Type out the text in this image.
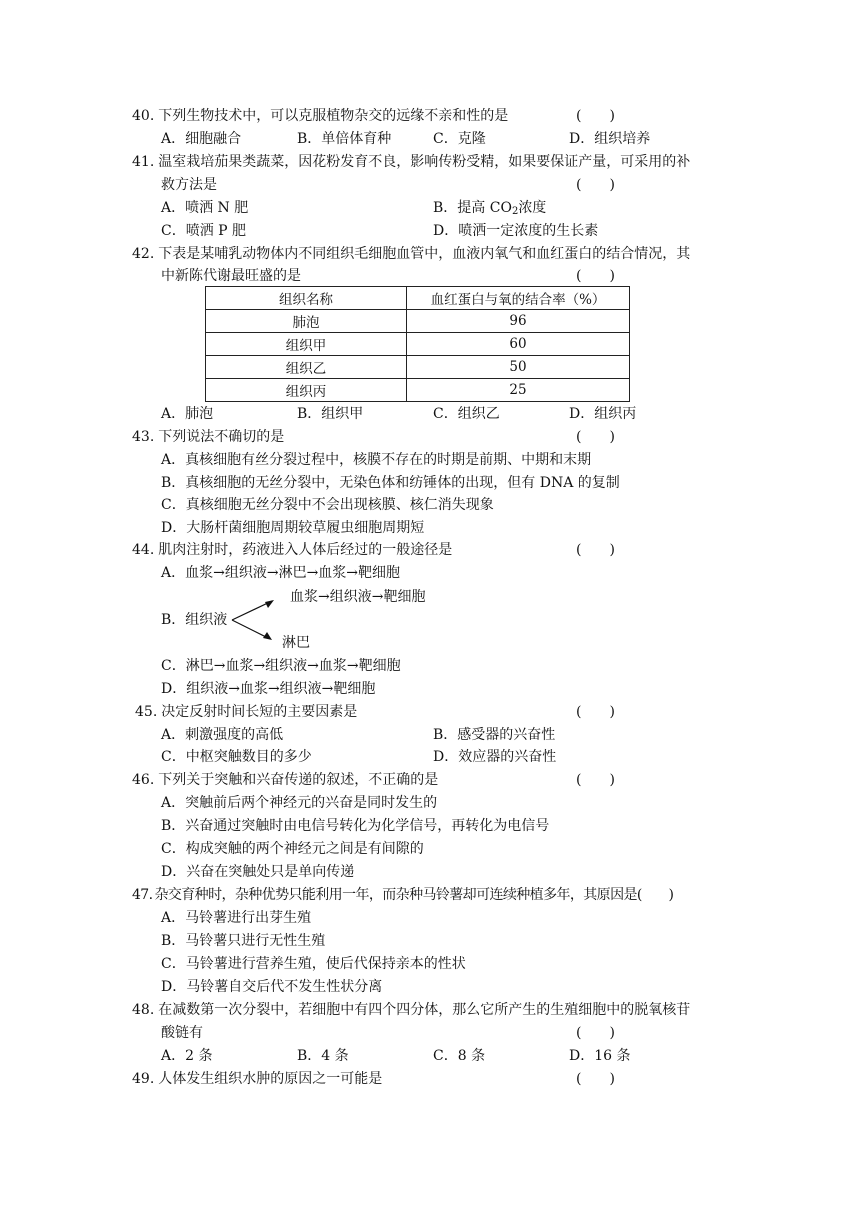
40. 下列生物技术中，可以克服植物杂交的远缘不亲和性的是	(　　)
A．细胞融合	B．单倍体育种	C．克隆	D．组织培养
41. 温室栽培茄果类蔬菜，因花粉发育不良，影响传粉受精，如果要保证产量，可采用的补
救方法是	(　　)
A．喷洒 N 肥	B．提高 $CO_2$浓度
C．喷洒 P 肥	D．喷洒一定浓度的生长素
42. 下表是某哺乳动物体内不同组织毛细胞血管中，血液内氧气和血红蛋白的结合情况，其
中新陈代谢最旺盛的是	(　　)
组织名称	血红蛋白与氧的结合率（%）
肺泡	96
组织甲	60
组织乙	50
组织丙	25
A．肺泡	B．组织甲	C．组织乙	D．组织丙
43. 下列说法不确切的是	(　　)
A．真核细胞有丝分裂过程中，核膜不存在的时期是前期、中期和末期
B．真核细胞的无丝分裂中，无染色体和纺锤体的出现，但有 DNA 的复制
C．真核细胞无丝分裂中不会出现核膜、核仁消失现象
D．大肠杆菌细胞周期较草履虫细胞周期短
44. 肌肉注射时，药液进入人体后经过的一般途径是	(　　)
A．血浆→组织液→淋巴→血浆→靶细胞
血浆→组织液→靶细胞
B．组织液
淋巴
C．淋巴→血浆→组织液→血浆→靶细胞
D．组织液→血浆→组织液→靶细胞
45. 决定反射时间长短的主要因素是	(　　)
A．刺激强度的高低	B．感受器的兴奋性
C．中枢突触数目的多少	D．效应器的兴奋性
46. 下列关于突触和兴奋传递的叙述，不正确的是	(　　)
A．突触前后两个神经元的兴奋是同时发生的
B．兴奋通过突触时由电信号转化为化学信号，再转化为电信号
C．构成突触的两个神经元之间是有间隙的
D．兴奋在突触处只是单向传递
47. 杂交育种时，杂种优势只能利用一年，而杂种马铃薯却可连续种植多年，其原因是(　　)
A．马铃薯进行出芽生殖
B．马铃薯只进行无性生殖
C．马铃薯进行营养生殖，使后代保持亲本的性状
D．马铃薯自交后代不发生性状分离
48. 在减数第一次分裂中，若细胞中有四个四分体，那么它所产生的生殖细胞中的脱氧核苷
酸链有	(　　)
A．2 条	B．4 条	C．8 条	D．16 条
49. 人体发生组织水肿的原因之一可能是	(　　)
